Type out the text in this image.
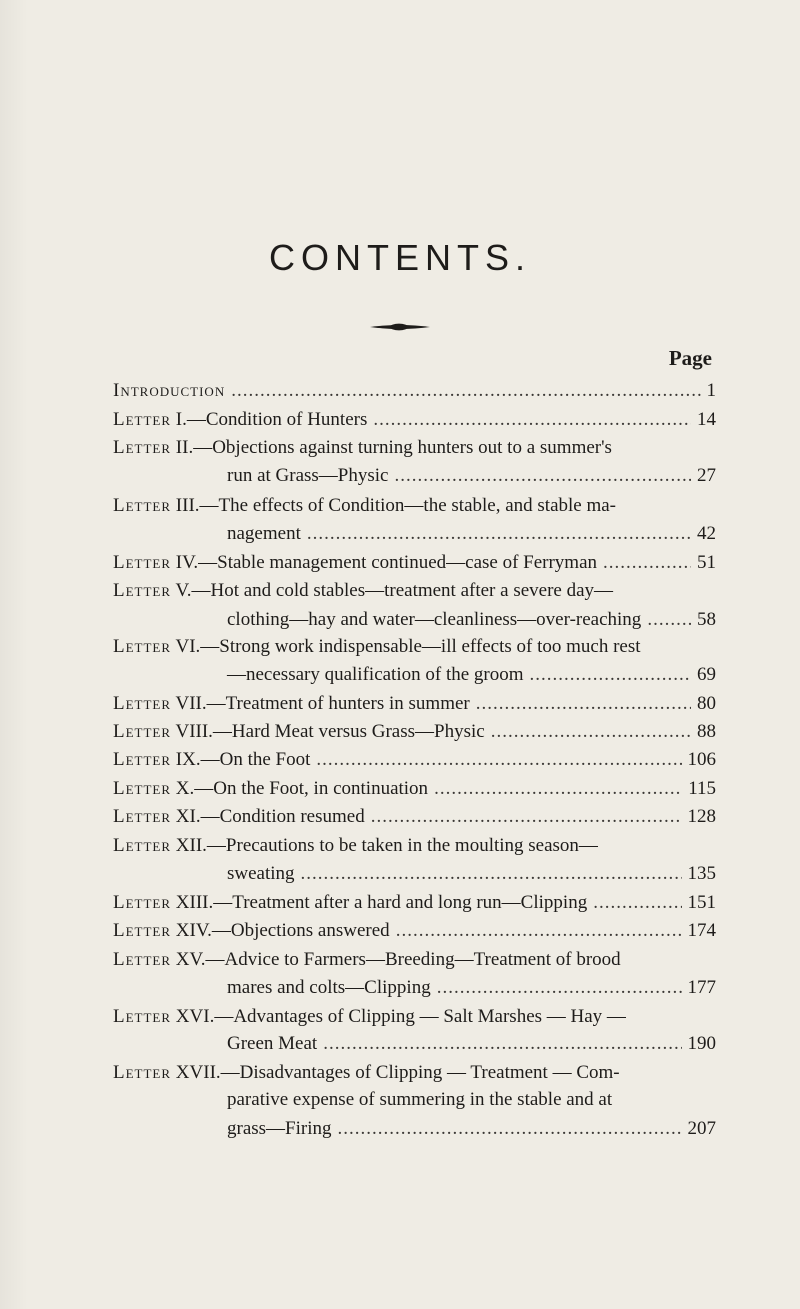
CONTENTS.
Page
Introduction .....	1
Letter I.—Condition of Hunters .....	14
Letter II.—Objections against turning hunters out to a summer's
run at Grass—Physic .....	27
Letter III.—The effects of Condition—the stable, and stable ma-
nagement .....	42
Letter IV.—Stable management continued—case of Ferryman .....	51
Letter V.—Hot and cold stables—treatment after a severe day—
clothing—hay and water—cleanliness—over-reaching .....	58
Letter VI.—Strong work indispensable—ill effects of too much rest
—necessary qualification of the groom .....	69
Letter VII.—Treatment of hunters in summer .....	80
Letter VIII.—Hard Meat versus Grass—Physic .....	88
Letter IX.—On the Foot .....	106
Letter X.—On the Foot, in continuation .....	115
Letter XI.—Condition resumed .....	128
Letter XII.—Precautions to be taken in the moulting season—
sweating .....	135
Letter XIII.—Treatment after a hard and long run—Clipping .....	151
Letter XIV.—Objections answered .....	174
Letter XV.—Advice to Farmers—Breeding—Treatment of brood
mares and colts—Clipping .....	177
Letter XVI.—Advantages of Clipping — Salt Marshes — Hay —
Green Meat .....	190
Letter XVII.—Disadvantages of Clipping — Treatment — Com-
parative expense of summering in the stable and at
grass—Firing .....	207
